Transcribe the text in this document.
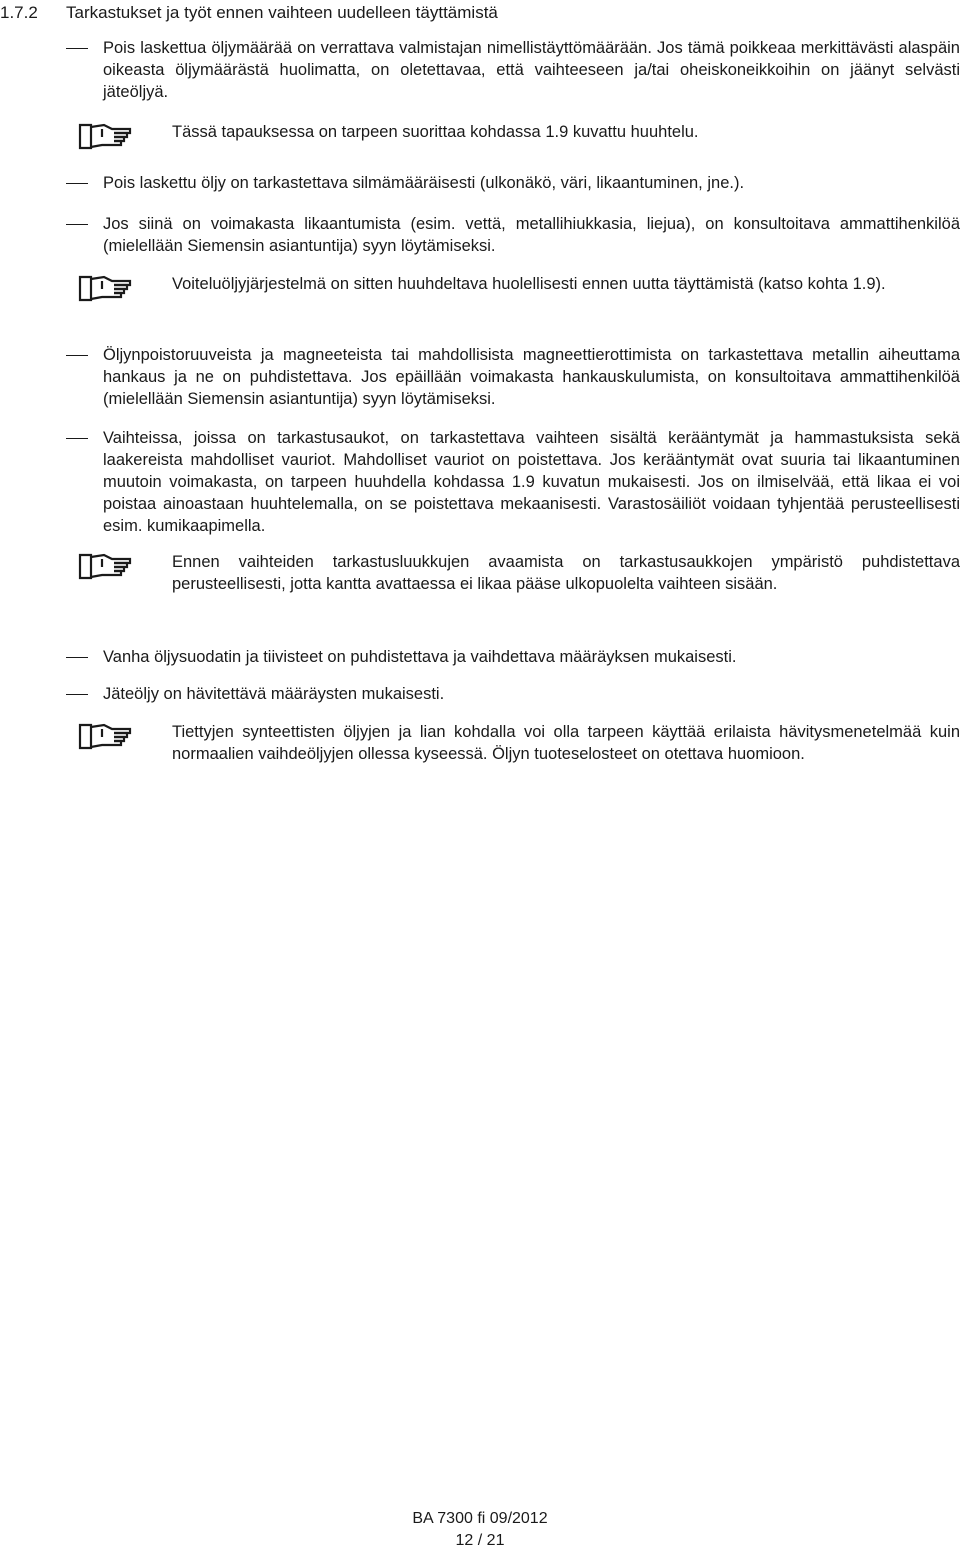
1.7.2	Tarkastukset ja työt ennen vaihteen uudelleen täyttämistä
Pois laskettua öljymäärää on verrattava valmistajan nimellistäyttömäärään. Jos tämä poikkeaa merkittävästi alaspäin oikeasta öljymäärästä huolimatta, on oletettavaa, että vaihteeseen ja/tai oheiskoneikkoihin on jäänyt selvästi jäteöljyä.
Tässä tapauksessa on tarpeen suorittaa kohdassa 1.9 kuvattu huuhtelu.
Pois laskettu öljy on tarkastettava silmämääräisesti (ulkonäkö, väri, likaantuminen, jne.).
Jos siinä on voimakasta likaantumista (esim. vettä, metallihiukkasia, liejua), on konsultoitava ammattihenkilöä (mielellään Siemensin asiantuntija) syyn löytämiseksi.
Voiteluöljyjärjestelmä on sitten huuhdeltava huolellisesti ennen uutta täyttämistä (katso kohta 1.9).
Öljynpoistoruuveista ja magneeteista tai mahdollisista magneettierottimista on tarkastettava metallin aiheuttama hankaus ja ne on puhdistettava. Jos epäillään voimakasta hankauskulumista, on konsultoitava ammattihenkilöä (mielellään Siemensin asiantuntija) syyn löytämiseksi.
Vaihteissa, joissa on tarkastusaukot, on tarkastettava vaihteen sisältä kerääntymät ja hammastuksista sekä laakereista mahdolliset vauriot. Mahdolliset vauriot on poistettava. Jos kerääntymät ovat suuria tai likaantuminen muutoin voimakasta, on tarpeen huuhdella kohdassa 1.9 kuvatun mukaisesti. Jos on ilmiselvää, että likaa ei voi poistaa ainoastaan huuhtelemalla, on se poistettava mekaanisesti. Varastosäiliöt voidaan tyhjentää perusteellisesti esim. kumikaapimella.
Ennen vaihteiden tarkastusluukkujen avaamista on tarkastusaukkojen ympäristö puhdistettava perusteellisesti, jotta kantta avattaessa ei likaa pääse ulkopuolelta vaihteen sisään.
Vanha öljysuodatin ja tiivisteet on puhdistettava ja vaihdettava määräyksen mukaisesti.
Jäteöljy on hävitettävä määräysten mukaisesti.
Tiettyjen synteettisten öljyjen ja lian kohdalla voi olla tarpeen käyttää erilaista hävitysmenetelmää kuin normaalien vaihdeöljyjen ollessa kyseessä. Öljyn tuoteselosteet on otettava huomioon.
BA 7300 fi 09/2012
12 / 21
